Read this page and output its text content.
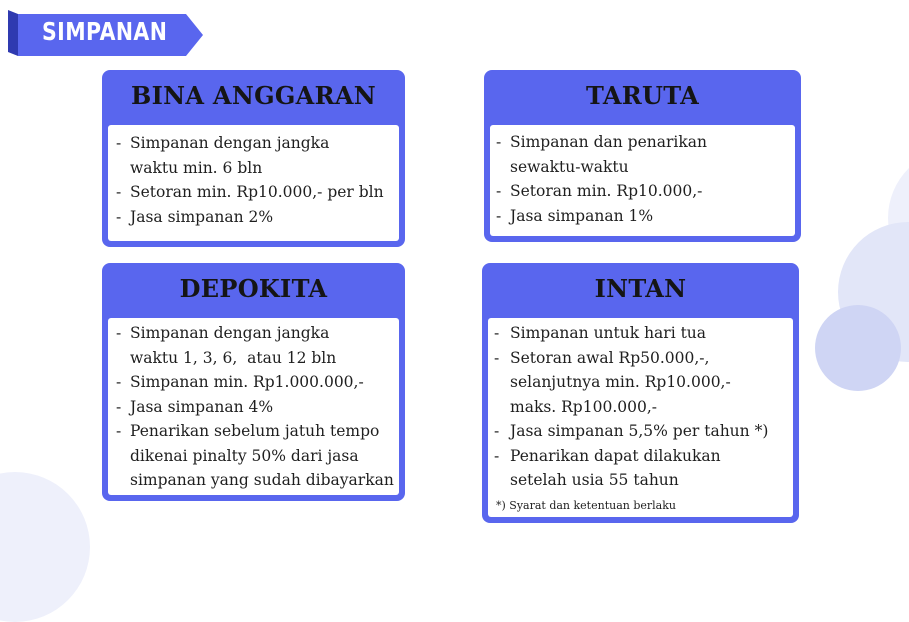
SIMPANAN
BINA ANGGARAN
- Simpanan dengan jangka
waktu min. 6 bln
- Setoran min. Rp10.000,- per bln
- Jasa simpanan 2%
TARUTA
- Simpanan dan penarikan
sewaktu-waktu
- Setoran min. Rp10.000,-
- Jasa simpanan 1%
DEPOKITA
- Simpanan dengan jangka
waktu 1, 3, 6,  atau 12 bln
- Simpanan min. Rp1.000.000,-
- Jasa simpanan 4%
- Penarikan sebelum jatuh tempo
dikenai pinalty 50% dari jasa
simpanan yang sudah dibayarkan
INTAN
- Simpanan untuk hari tua
- Setoran awal Rp50.000,-,
selanjutnya min. Rp10.000,-
maks. Rp100.000,-
- Jasa simpanan 5,5% per tahun *)
- Penarikan dapat dilakukan
setelah usia 55 tahun
*) Syarat dan ketentuan berlaku
